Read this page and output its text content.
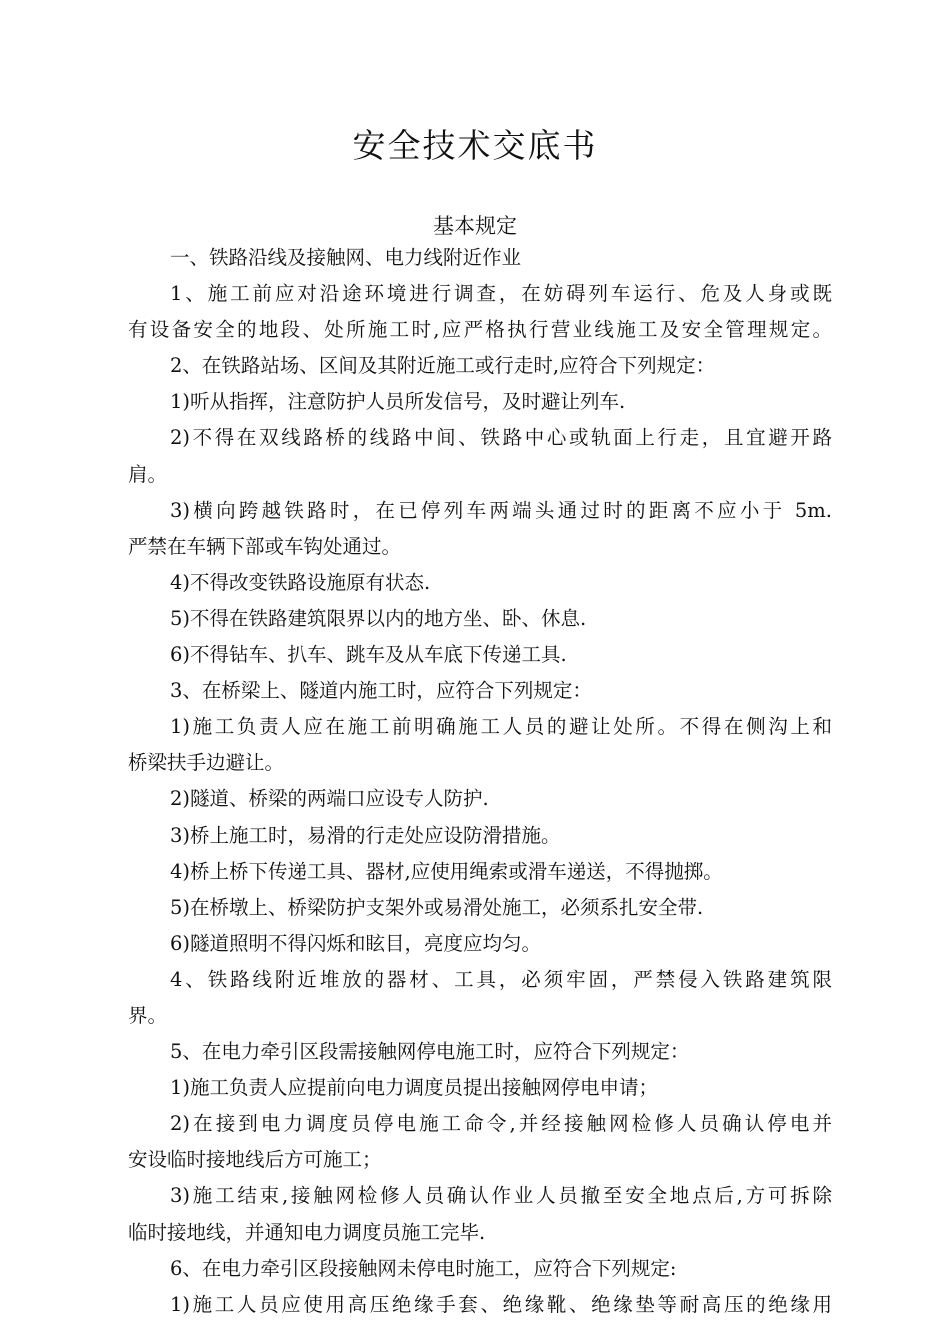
安全技术交底书
基本规定
一、铁路沿线及接触网、电力线附近作业
1、施工前应对沿途环境进行调查，在妨碍列车运行、危及人身或既
有设备安全的地段、处所施工时,应严格执行营业线施工及安全管理规定。
2、在铁路站场、区间及其附近施工或行走时,应符合下列规定：
1)听从指挥，注意防护人员所发信号，及时避让列车.
2)不得在双线路桥的线路中间、铁路中心或轨面上行走，且宜避开路
肩。
3)横向跨越铁路时，在已停列车两端头通过时的距离不应小于 5m.
严禁在车辆下部或车钩处通过。
4)不得改变铁路设施原有状态.
5)不得在铁路建筑限界以内的地方坐、卧、休息.
6)不得钻车、扒车、跳车及从车底下传递工具.
3、在桥梁上、隧道内施工时，应符合下列规定：
1)施工负责人应在施工前明确施工人员的避让处所。不得在侧沟上和
桥梁扶手边避让。
2)隧道、桥梁的两端口应设专人防护.
3)桥上施工时，易滑的行走处应设防滑措施。
4)桥上桥下传递工具、器材,应使用绳索或滑车递送，不得抛掷。
5)在桥墩上、桥梁防护支架外或易滑处施工，必须系扎安全带.
6)隧道照明不得闪烁和眩目，亮度应均匀。
4、铁路线附近堆放的器材、工具，必须牢固，严禁侵入铁路建筑限
界。
5、在电力牵引区段需接触网停电施工时，应符合下列规定：
1)施工负责人应提前向电力调度员提出接触网停电申请；
2)在接到电力调度员停电施工命令,并经接触网检修人员确认停电并
安设临时接地线后方可施工；
3)施工结束,接触网检修人员确认作业人员撤至安全地点后,方可拆除
临时接地线，并通知电力调度员施工完毕.
6、在电力牵引区段接触网未停电时施工，应符合下列规定:
1)施工人员应使用高压绝缘手套、绝缘靴、绝缘垫等耐高压的绝缘用
